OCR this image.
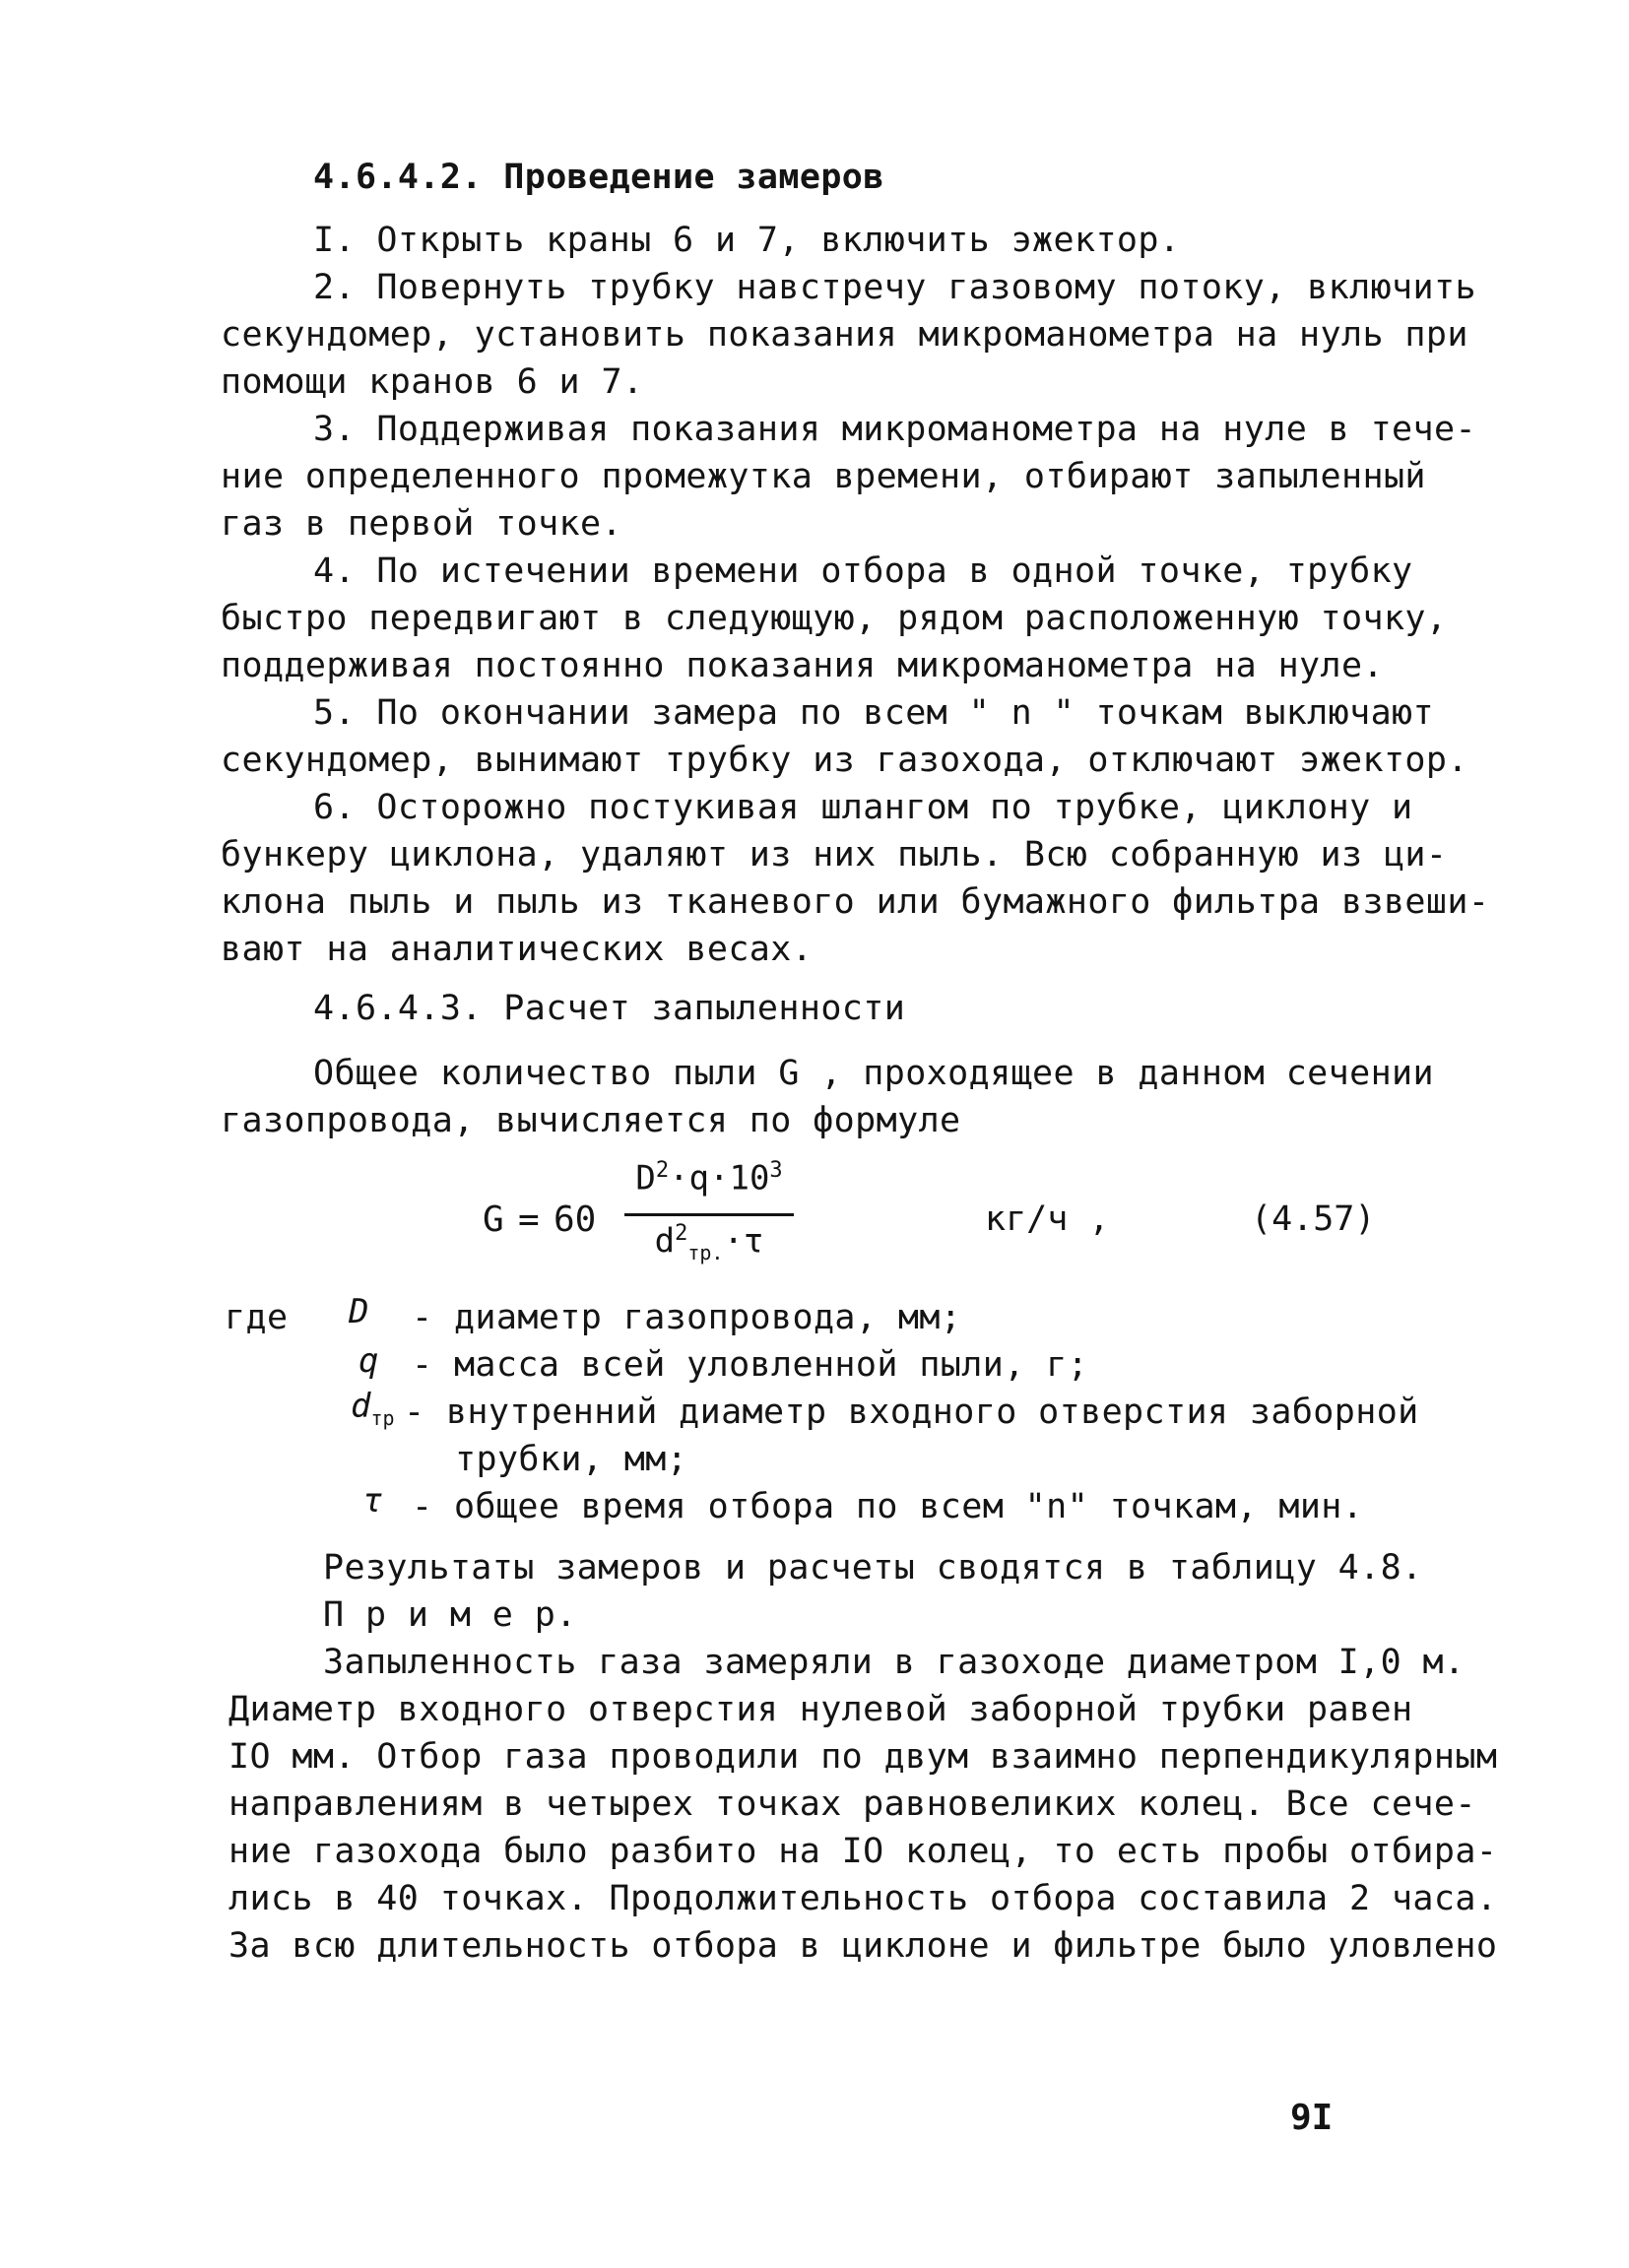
4.6.4.2. Проведение замеров
I. Открыть краны 6 и 7, включить эжектор.
2. Повернуть трубку навстречу газовому потоку, включить
секундомер, установить показания микроманометра на нуль при
помощи кранов 6 и 7.
3. Поддерживая показания микроманометра на нуле в тече-
ние определенного промежутка времени, отбирают запыленный
газ в первой точке.
4. По истечении времени отбора в одной точке, трубку
быстро передвигают в следующую, рядом расположенную точку,
поддерживая постоянно показания микроманометра на нуле.
5. По окончании замера по всем " n " точкам выключают
секундомер, вынимают трубку из газохода, отключают эжектор.
6. Осторожно постукивая шлангом по трубке, циклону и
бункеру циклона, удаляют из них пыль. Всю собранную из ци-
клона пыль и пыль из тканевого или бумажного фильтра взвеши-
вают на аналитических весах.
4.6.4.3. Расчет запыленности
Общее количество пыли G , проходящее в данном сечении
газопровода, вычисляется по формуле
G = 60
$D^2\cdot q\cdot 10^3$
$d^2_{тр.}\cdot\tau$
кг/ч ,	(4.57)
где D - диаметр газопровода, мм;
q - масса всей уловленной пыли, г;
$d_{тр}$ - внутренний диаметр входного отверстия заборной
трубки, мм;
τ - общее время отбора по всем "n" точкам, мин.
Результаты замеров и расчеты сводятся в таблицу 4.8.
П р и м е р.
Запыленность газа замеряли в газоходе диаметром I,0 м.
Диаметр входного отверстия нулевой заборной трубки равен
IO мм. Отбор газа проводили по двум взаимно перпендикулярным
направлениям в четырех точках равновеликих колец. Все сече-
ние газохода было разбито на IO колец, то есть пробы отбира-
лись в 40 точках. Продолжительность отбора составила 2 часа.
За всю длительность отбора в циклоне и фильтре было уловлено
9I
